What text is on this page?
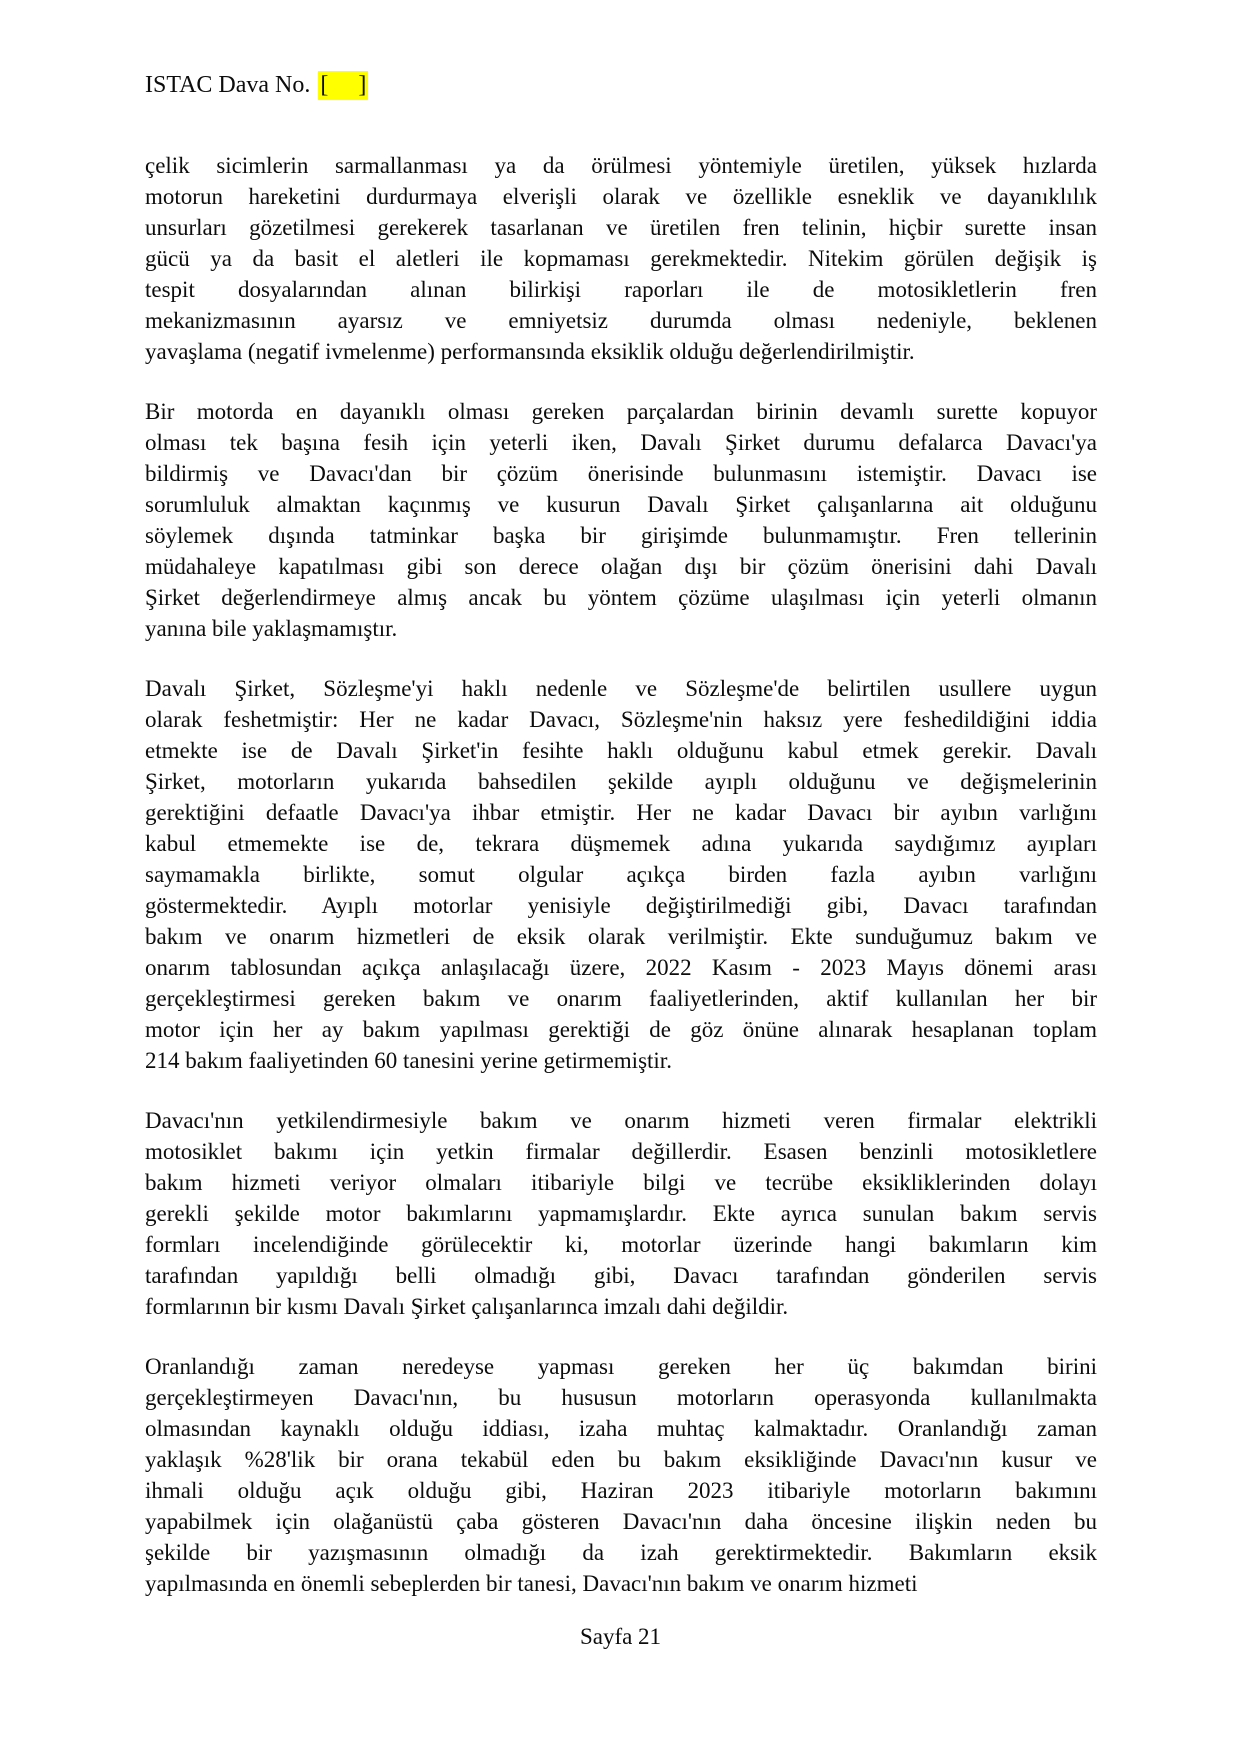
ISTAC Dava No. [     ]
çelik sicimlerin sarmallanması ya da örülmesi yöntemiyle üretilen, yüksek hızlarda
motorun hareketini durdurmaya elverişli olarak ve özellikle esneklik ve dayanıklılık
unsurları gözetilmesi gerekerek tasarlanan ve üretilen fren telinin, hiçbir surette insan
gücü ya da basit el aletleri ile kopmaması gerekmektedir. Nitekim görülen değişik iş
tespit dosyalarından alınan bilirkişi raporları ile de motosikletlerin fren
mekanizmasının ayarsız ve emniyetsiz durumda olması nedeniyle, beklenen
yavaşlama (negatif ivmelenme) performansında eksiklik olduğu değerlendirilmiştir.
Bir motorda en dayanıklı olması gereken parçalardan birinin devamlı surette kopuyor
olması tek başına fesih için yeterli iken, Davalı Şirket durumu defalarca Davacı'ya
bildirmiş ve Davacı'dan bir çözüm önerisinde bulunmasını istemiştir. Davacı ise
sorumluluk almaktan kaçınmış ve kusurun Davalı Şirket çalışanlarına ait olduğunu
söylemek dışında tatminkar başka bir girişimde bulunmamıştır. Fren tellerinin
müdahaleye kapatılması gibi son derece olağan dışı bir çözüm önerisini dahi Davalı
Şirket değerlendirmeye almış ancak bu yöntem çözüme ulaşılması için yeterli olmanın
yanına bile yaklaşmamıştır.
Davalı Şirket, Sözleşme'yi haklı nedenle ve Sözleşme'de belirtilen usullere uygun
olarak feshetmiştir: Her ne kadar Davacı, Sözleşme'nin haksız yere feshedildiğini iddia
etmekte ise de Davalı Şirket'in fesihte haklı olduğunu kabul etmek gerekir. Davalı
Şirket, motorların yukarıda bahsedilen şekilde ayıplı olduğunu ve değişmelerinin
gerektiğini defaatle Davacı'ya ihbar etmiştir. Her ne kadar Davacı bir ayıbın varlığını
kabul etmemekte ise de, tekrara düşmemek adına yukarıda saydığımız ayıpları
saymamakla birlikte, somut olgular açıkça birden fazla ayıbın varlığını
göstermektedir. Ayıplı motorlar yenisiyle değiştirilmediği gibi, Davacı tarafından
bakım ve onarım hizmetleri de eksik olarak verilmiştir. Ekte sunduğumuz bakım ve
onarım tablosundan açıkça anlaşılacağı üzere, 2022 Kasım - 2023 Mayıs dönemi arası
gerçekleştirmesi gereken bakım ve onarım faaliyetlerinden, aktif kullanılan her bir
motor için her ay bakım yapılması gerektiği de göz önüne alınarak hesaplanan toplam
214 bakım faaliyetinden 60 tanesini yerine getirmemiştir.
Davacı'nın yetkilendirmesiyle bakım ve onarım hizmeti veren firmalar elektrikli
motosiklet bakımı için yetkin firmalar değillerdir. Esasen benzinli motosikletlere
bakım hizmeti veriyor olmaları itibariyle bilgi ve tecrübe eksikliklerinden dolayı
gerekli şekilde motor bakımlarını yapmamışlardır. Ekte ayrıca sunulan bakım servis
formları incelendiğinde görülecektir ki, motorlar üzerinde hangi bakımların kim
tarafından yapıldığı belli olmadığı gibi, Davacı tarafından gönderilen servis
formlarının bir kısmı Davalı Şirket çalışanlarınca imzalı dahi değildir.
Oranlandığı zaman neredeyse yapması gereken her üç bakımdan birini
gerçekleştirmeyen Davacı'nın, bu hususun motorların operasyonda kullanılmakta
olmasından kaynaklı olduğu iddiası, izaha muhtaç kalmaktadır. Oranlandığı zaman
yaklaşık %28'lik bir orana tekabül eden bu bakım eksikliğinde Davacı'nın kusur ve
ihmali olduğu açık olduğu gibi, Haziran 2023 itibariyle motorların bakımını
yapabilmek için olağanüstü çaba gösteren Davacı'nın daha öncesine ilişkin neden bu
şekilde bir yazışmasının olmadığı da izah gerektirmektedir. Bakımların eksik
yapılmasında en önemli sebeplerden bir tanesi, Davacı'nın bakım ve onarım hizmeti
Sayfa 21
